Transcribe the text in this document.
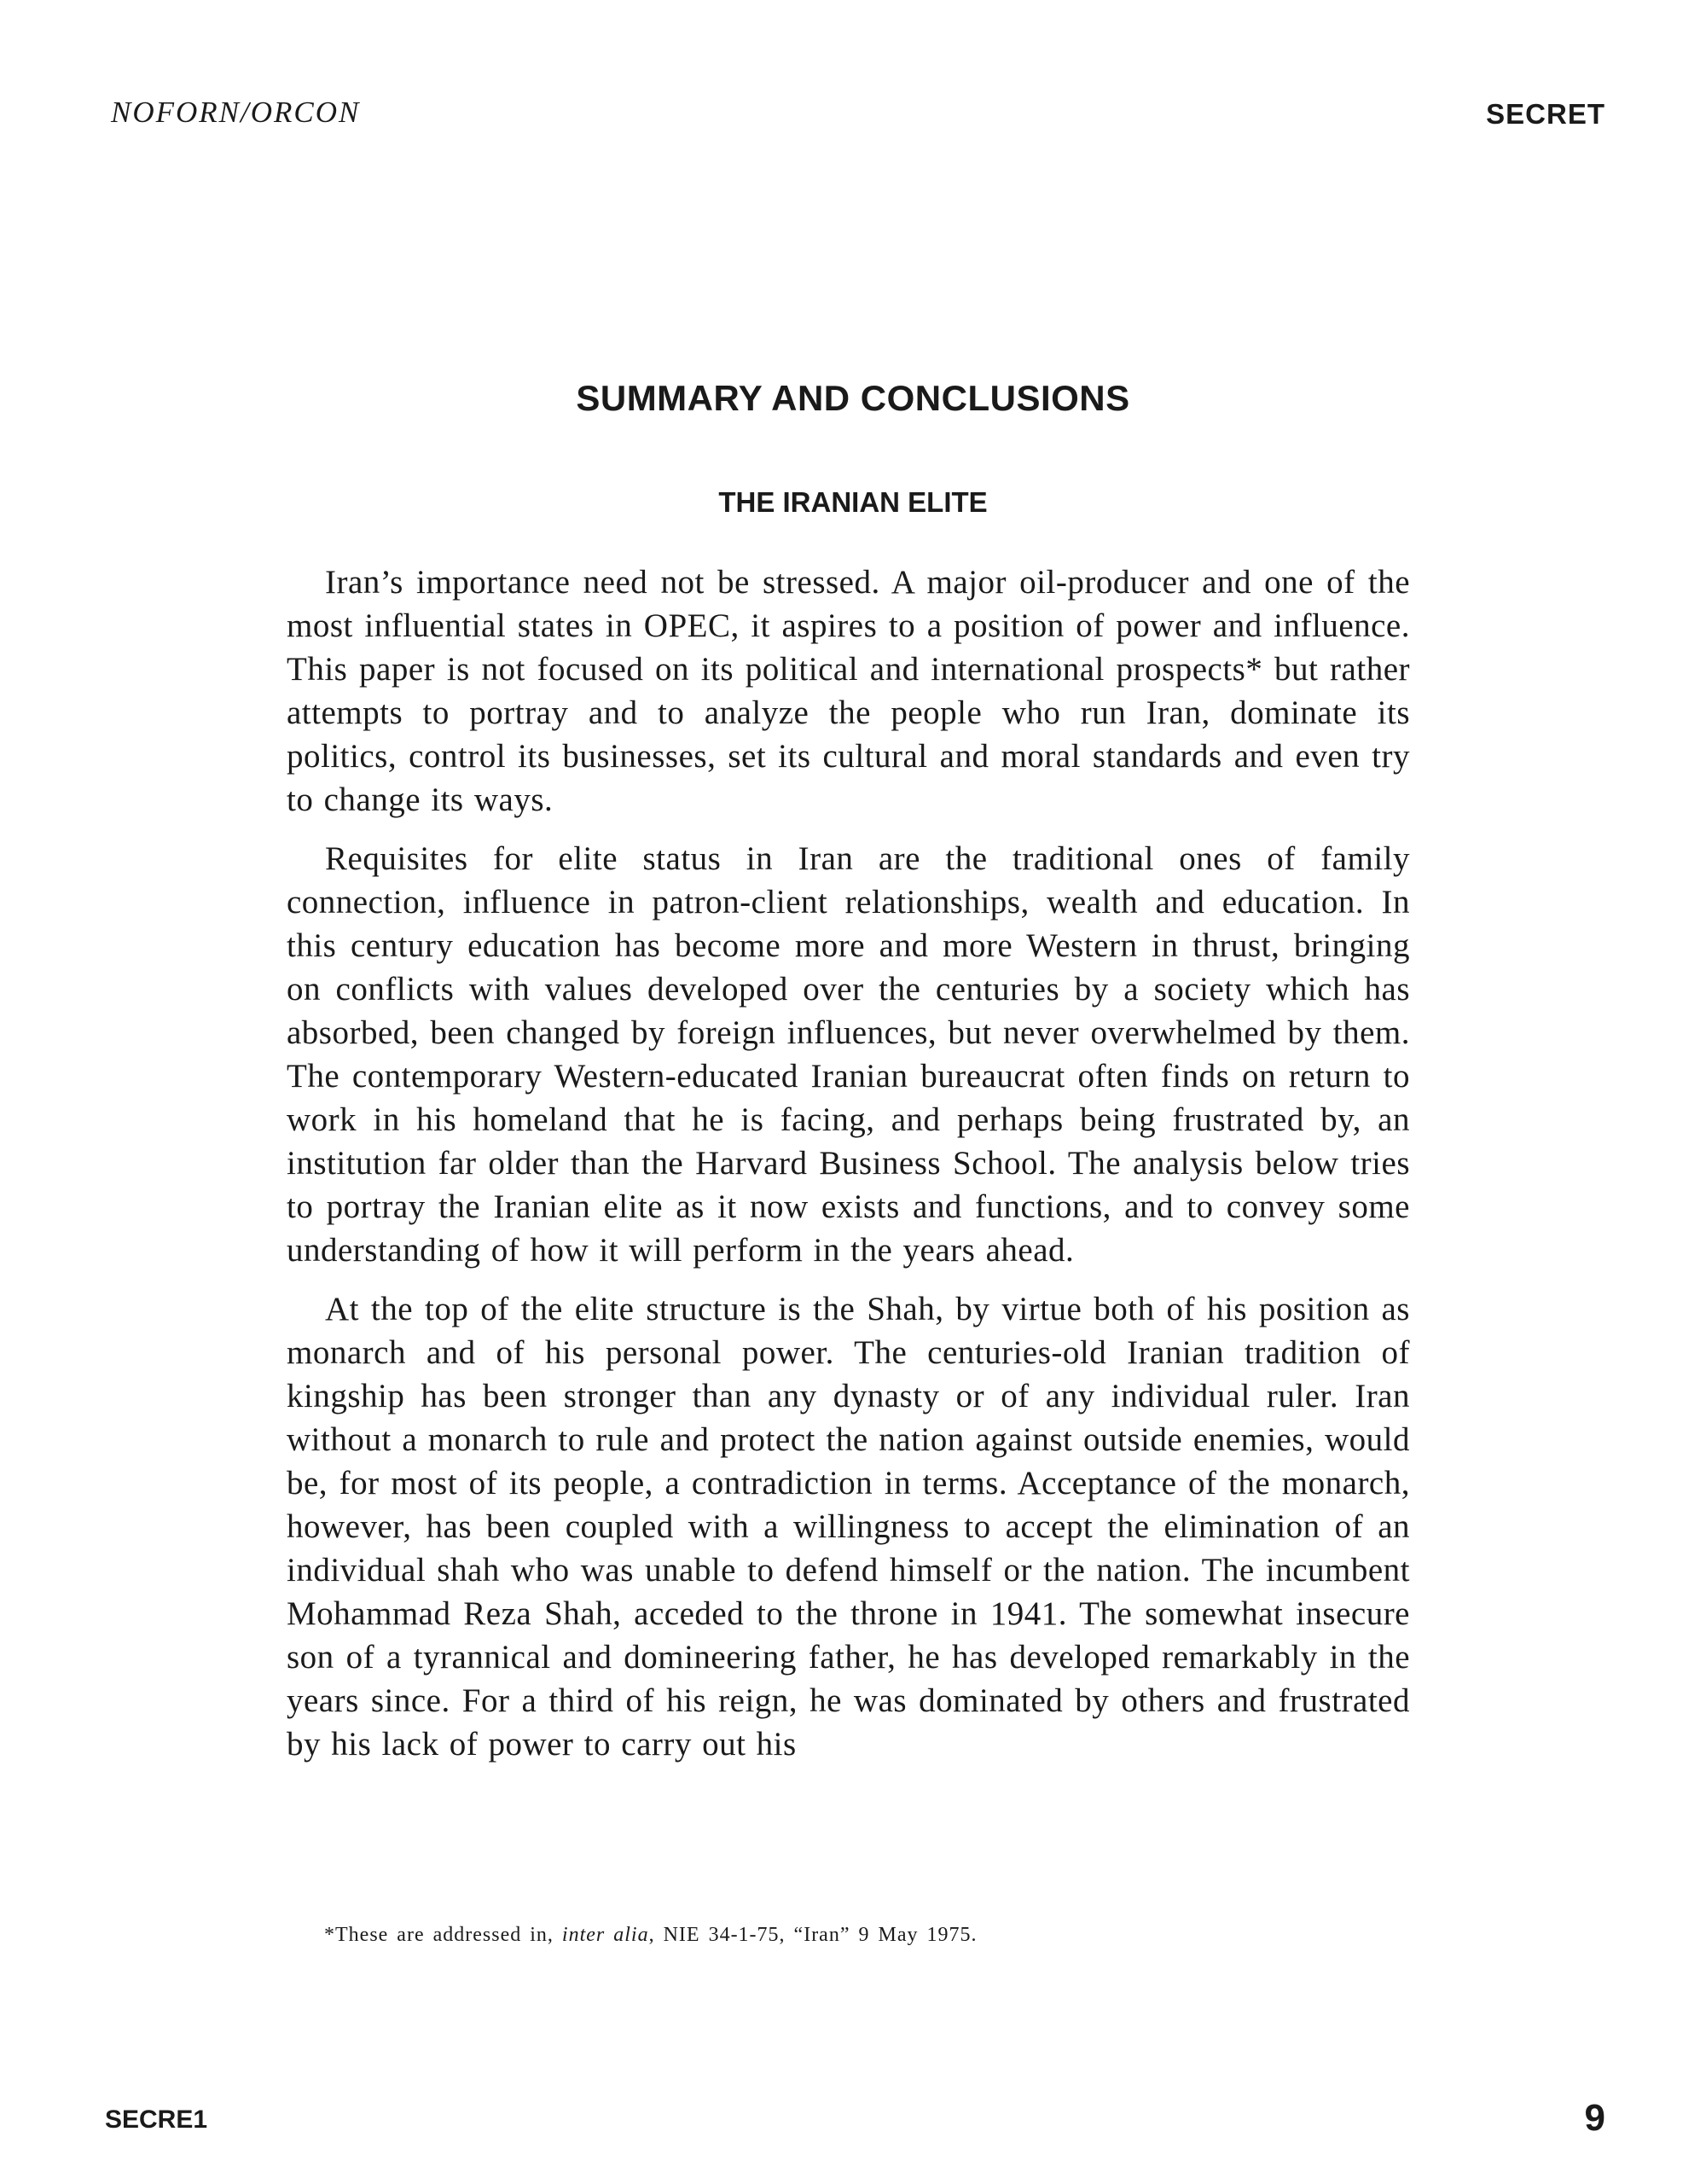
NOFORN/ORCON	SECRET
SUMMARY AND CONCLUSIONS
THE IRANIAN ELITE

Iran’s importance need not be stressed. A major oil-producer and one of the most influential states in OPEC, it aspires to a position of power and influence. This paper is not focused on its political and international prospects* but rather attempts to portray and to analyze the people who run Iran, dominate its politics, control its businesses, set its cultural and moral standards and even try to change its ways.

Requisites for elite status in Iran are the traditional ones of family connection, influence in patron-client relationships, wealth and education. In this century education has become more and more Western in thrust, bringing on conflicts with values developed over the centuries by a society which has absorbed, been changed by foreign influences, but never overwhelmed by them. The contemporary Western-educated Iranian bureaucrat often finds on return to work in his homeland that he is facing, and perhaps being frustrated by, an institution far older than the Harvard Business School. The analysis below tries to portray the Iranian elite as it now exists and functions, and to convey some understanding of how it will perform in the years ahead.

At the top of the elite structure is the Shah, by virtue both of his position as monarch and of his personal power. The centuries-old Iranian tradition of kingship has been stronger than any dynasty or of any individual ruler. Iran without a monarch to rule and protect the nation against outside enemies, would be, for most of its people, a contradiction in terms. Acceptance of the monarch, however, has been coupled with a willingness to accept the elimination of an individual shah who was unable to defend himself or the nation. The incumbent Mohammad Reza Shah, acceded to the throne in 1941. The somewhat insecure son of a tyrannical and domineering father, he has developed remarkably in the years since. For a third of his reign, he was dominated by others and frustrated by his lack of power to carry out his

*These are addressed in, inter alia, NIE 34-1-75, “Iran” 9 May 1975.
SECRE1	9
